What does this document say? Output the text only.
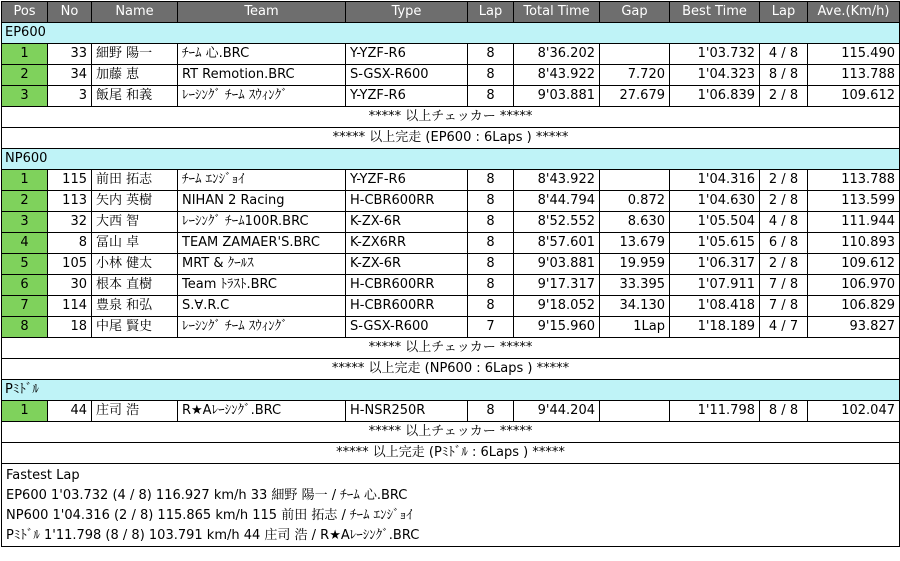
Pos	No	Name	Team	Type	Lap	Total Time	Gap	Best Time	Lap	Ave.(Km/h)
EP600										
1	33	細野 陽一	ﾁｰﾑ 心.BRC	Y-YZF-R6	8	8'36.202		1'03.732	4 / 8	115.490
2	34	加藤 恵	RT Remotion.BRC	S-GSX-R600	8	8'43.922	7.720	1'04.323	8 / 8	113.788
3	3	飯尾 和義	ﾚｰｼﾝｸﾞ ﾁｰﾑ ｽｳｨﾝｸﾞ	Y-YZF-R6	8	9'03.881	27.679	1'06.839	2 / 8	109.612
***** 以上チェッカー *****										
***** 以上完走 (EP600 : 6Laps ) *****										
NP600										
1	115	前田 拓志	ﾁｰﾑ ｴﾝｼﾞｮｲ	Y-YZF-R6	8	8'43.922		1'04.316	2 / 8	113.788
2	113	矢内 英樹	NIHAN 2 Racing	H-CBR600RR	8	8'44.794	0.872	1'04.630	2 / 8	113.599
3	32	大西 智	ﾚｰｼﾝｸﾞ ﾁｰﾑ100R.BRC	K-ZX-6R	8	8'52.552	8.630	1'05.504	4 / 8	111.944
4	8	冨山 卓	TEAM ZAMAER'S.BRC	K-ZX6RR	8	8'57.601	13.679	1'05.615	6 / 8	110.893
5	105	小林 健太	MRT & ｸｰﾙｽ	K-ZX-6R	8	9'03.881	19.959	1'06.317	2 / 8	109.612
6	30	根本 直樹	Team ﾄﾗｽﾄ.BRC	H-CBR600RR	8	9'17.317	33.395	1'07.911	7 / 8	106.970
7	114	豊泉 和弘	S.∀.R.C	H-CBR600RR	8	9'18.052	34.130	1'08.418	7 / 8	106.829
8	18	中尾 賢史	ﾚｰｼﾝｸﾞ ﾁｰﾑ ｽｳｨﾝｸﾞ	S-GSX-R600	7	9'15.960	1Lap	1'18.189	4 / 7	93.827
***** 以上チェッカー *****										
***** 以上完走 (NP600 : 6Laps ) *****										
Pﾐﾄﾞﾙ										
1	44	庄司 浩	R★Aﾚｰｼﾝｸﾞ.BRC	H-NSR250R	8	9'44.204		1'11.798	8 / 8	102.047
***** 以上チェッカー *****										
***** 以上完走 (Pﾐﾄﾞﾙ : 6Laps ) *****										

Fastest Lap
EP600 1'03.732 (4 / 8) 116.927 km/h 33 細野 陽一 / ﾁｰﾑ 心.BRC
NP600 1'04.316 (2 / 8) 115.865 km/h 115 前田 拓志 / ﾁｰﾑ ｴﾝｼﾞｮｲ
Pﾐﾄﾞﾙ 1'11.798 (8 / 8) 103.791 km/h 44 庄司 浩 / R★Aﾚｰｼﾝｸﾞ.BRC										
